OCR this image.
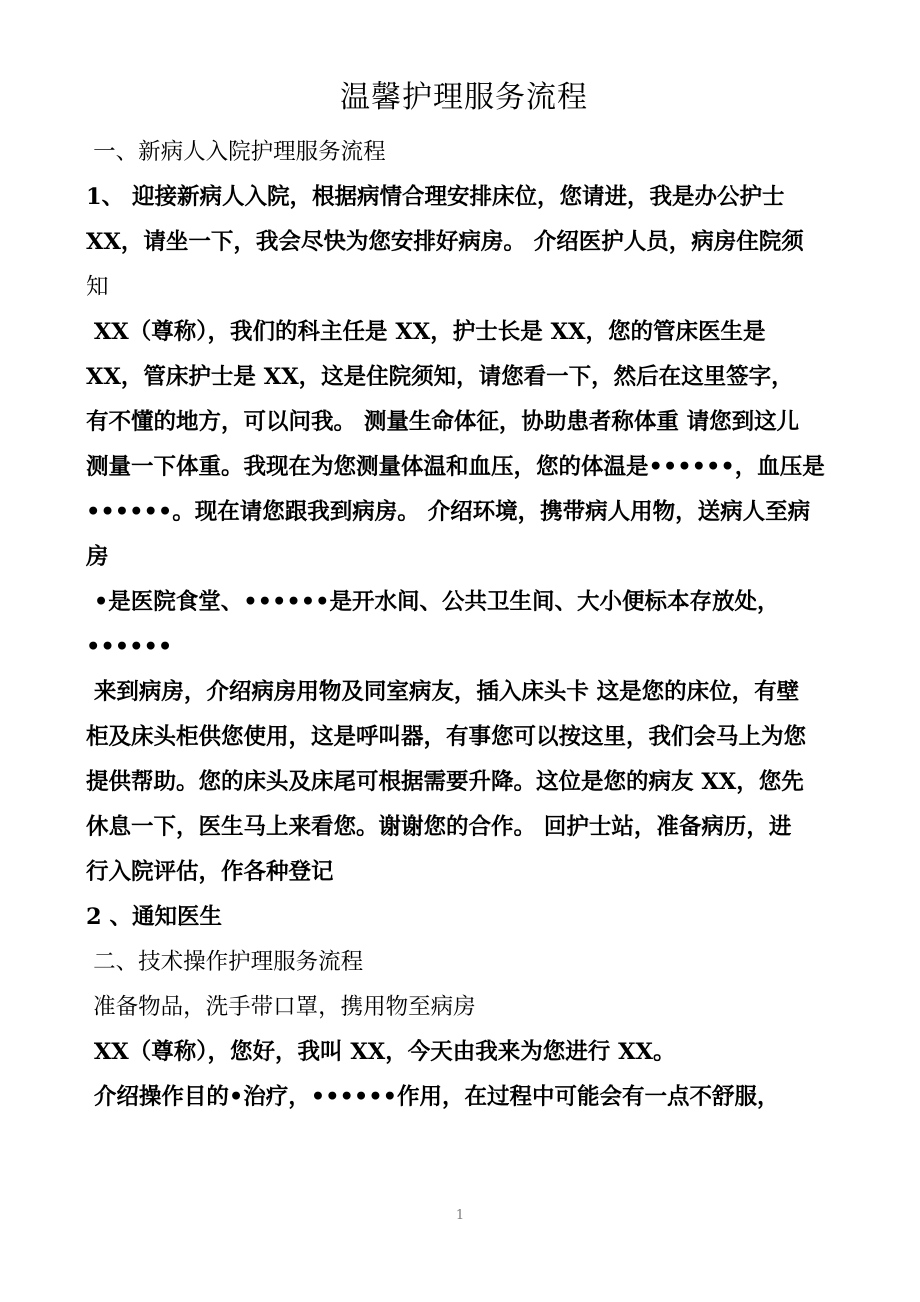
温馨护理服务流程

一、新病人入院护理服务流程

1、 迎接新病人入院，根据病情合理安排床位，您请进，我是办公护士

XX，请坐一下，我会尽快为您安排好病房。 介绍医护人员，病房住院须

知

XX（尊称），我们的科主任是 XX，护士长是 XX，您的管床医生是

XX，管床护士是 XX，这是住院须知，请您看一下，然后在这里签字，

有不懂的地方，可以问我。 测量生命体征，协助患者称体重 请您到这儿

测量一下体重。我现在为您测量体温和血压，您的体温是••••••，血压是

••••••。现在请您跟我到病房。 介绍环境，携带病人用物，送病人至病

房

•是医院食堂、••••••是开水间、公共卫生间、大小便标本存放处，

••••••

来到病房，介绍病房用物及同室病友，插入床头卡 这是您的床位，有壁

柜及床头柜供您使用，这是呼叫器，有事您可以按这里，我们会马上为您

提供帮助。您的床头及床尾可根据需要升降。这位是您的病友 XX，您先

休息一下，医生马上来看您。谢谢您的合作。 回护士站，准备病历，进

行入院评估，作各种登记

2 、通知医生

二、技术操作护理服务流程

准备物品，洗手带口罩，携用物至病房

XX（尊称），您好，我叫 XX，今天由我来为您进行 XX。

介绍操作目的•治疗，••••••作用，在过程中可能会有一点不舒服，

1
